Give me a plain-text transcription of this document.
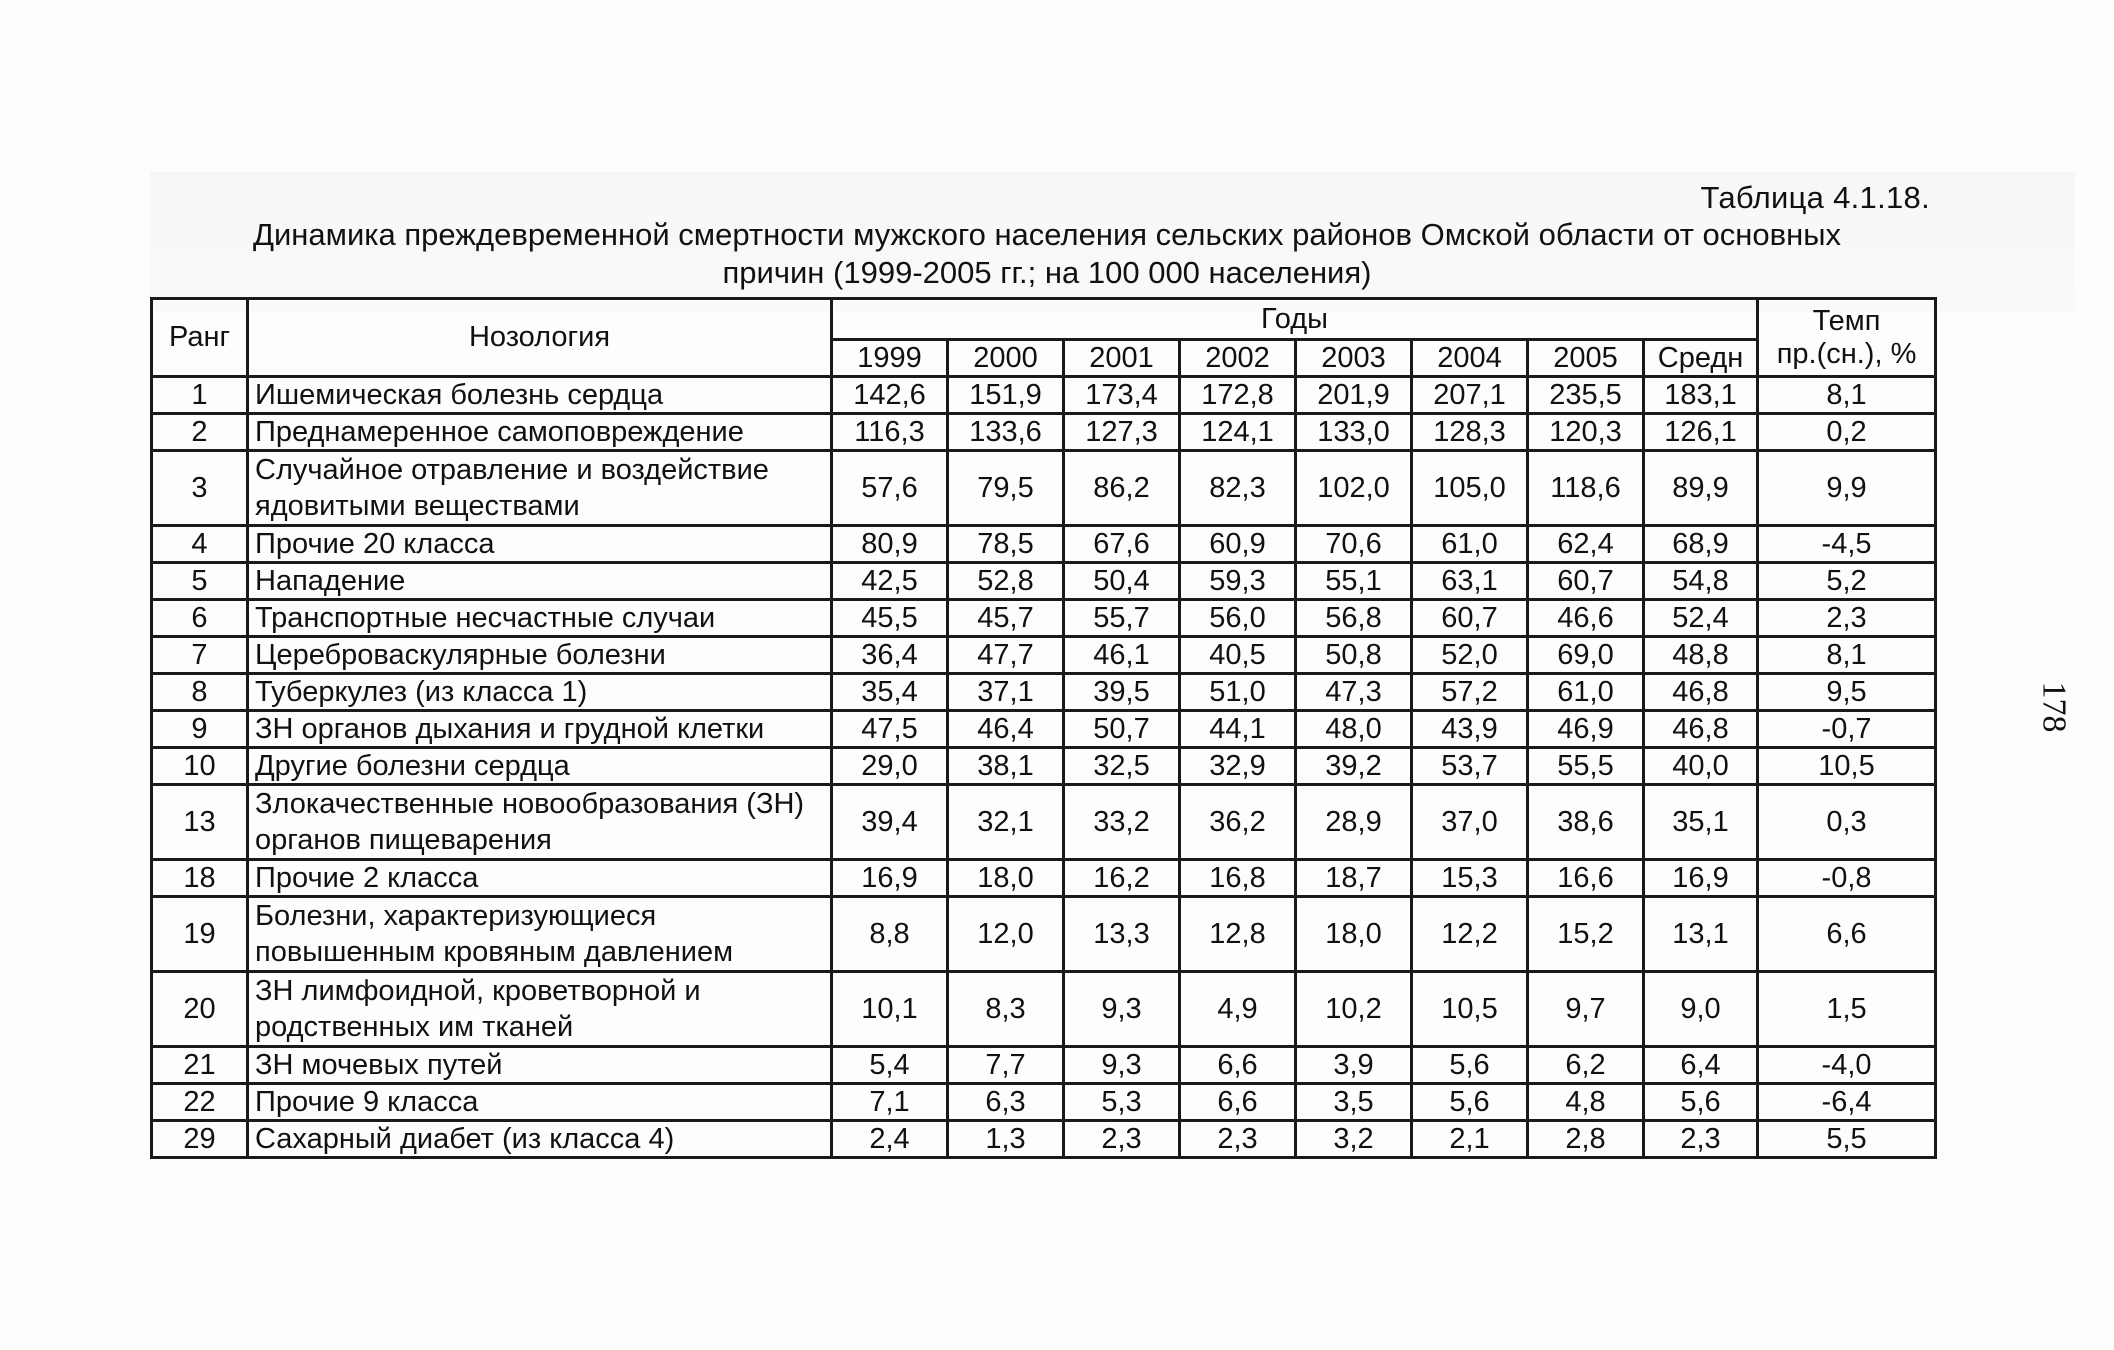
Таблица 4.1.18.
Динамика преждевременной смертности мужского населения сельских районов Омской области от основных
причин (1999-2005 гг.; на 100 000 населения)
178
Ранг	Нозология	Годы								Темп
пр.(сн.), %

		1999	2000	2001	2002	2003	2004	2005	Средн	
1	Ишемическая болезнь сердца	142,6	151,9	173,4	172,8	201,9	207,1	235,5	183,1	8,1
2	Преднамеренное самоповреждение	116,3	133,6	127,3	124,1	133,0	128,3	120,3	126,1	0,2
3	Случайное отравление и воздействие ядовитыми веществами	57,6	79,5	86,2	82,3	102,0	105,0	118,6	89,9	9,9
4	Прочие 20 класса	80,9	78,5	67,6	60,9	70,6	61,0	62,4	68,9	-4,5
5	Нападение	42,5	52,8	50,4	59,3	55,1	63,1	60,7	54,8	5,2
6	Транспортные несчастные случаи	45,5	45,7	55,7	56,0	56,8	60,7	46,6	52,4	2,3
7	Цереброваскулярные болезни	36,4	47,7	46,1	40,5	50,8	52,0	69,0	48,8	8,1
8	Туберкулез (из класса 1)	35,4	37,1	39,5	51,0	47,3	57,2	61,0	46,8	9,5
9	ЗН органов дыхания и грудной клетки	47,5	46,4	50,7	44,1	48,0	43,9	46,9	46,8	-0,7
10	Другие болезни сердца	29,0	38,1	32,5	32,9	39,2	53,7	55,5	40,0	10,5
13	Злокачественные новообразования (ЗН) органов пищеварения	39,4	32,1	33,2	36,2	28,9	37,0	38,6	35,1	0,3
18	Прочие 2 класса	16,9	18,0	16,2	16,8	18,7	15,3	16,6	16,9	-0,8
19	Болезни, характеризующиеся повышенным кровяным давлением	8,8	12,0	13,3	12,8	18,0	12,2	15,2	13,1	6,6
20	ЗН лимфоидной, кроветворной и родственных им тканей	10,1	8,3	9,3	4,9	10,2	10,5	9,7	9,0	1,5
21	ЗН мочевых путей	5,4	7,7	9,3	6,6	3,9	5,6	6,2	6,4	-4,0
22	Прочие 9 класса	7,1	6,3	5,3	6,6	3,5	5,6	4,8	5,6	-6,4
29	Сахарный диабет (из класса 4)	2,4	1,3	2,3	2,3	3,2	2,1	2,8	2,3	5,5
